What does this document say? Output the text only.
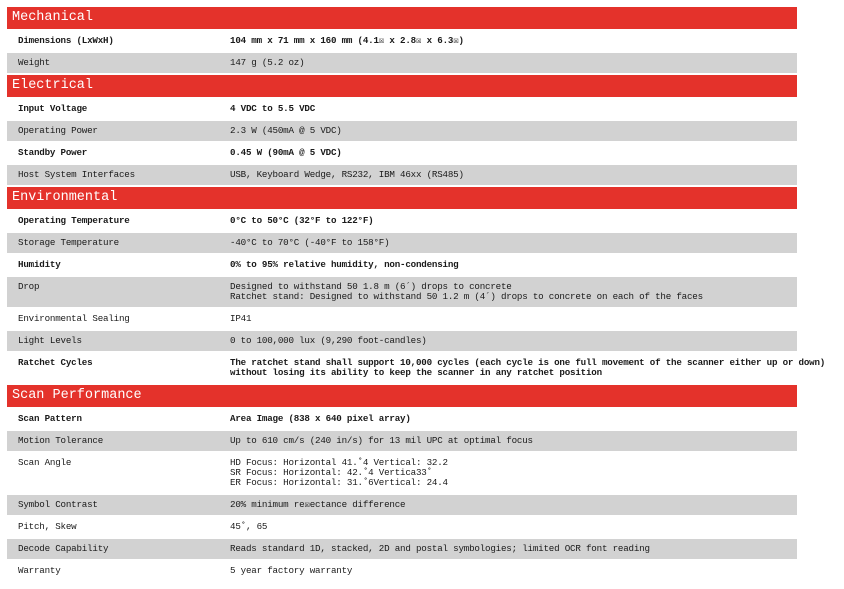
Mechanical
Dimensions (LxWxH)	104 mm x 71 mm x 160 mm (4.1☒ x 2.8☒ x 6.3☒)
Weight	147 g (5.2 oz)
Electrical
Input Voltage	4 VDC to 5.5 VDC
Operating Power	2.3 W (450mA @ 5 VDC)
Standby Power	0.45 W (90mA @ 5 VDC)
Host System Interfaces	USB, Keyboard Wedge, RS232, IBM 46xx (RS485)
Environmental
Operating Temperature	0°C to 50°C (32°F to 122°F)
Storage Temperature	-40°C to 70°C (-40°F to 158°F)
Humidity	0% to 95% relative humidity, non-condensing
Drop	Designed to withstand 50 1.8 m (6´) drops to concrete
Ratchet stand: Designed to withstand 50 1.2 m (4´) drops to concrete on each of the faces
Environmental Sealing	IP41
Light Levels	0 to 100,000 lux (9,290 foot-candles)
Ratchet Cycles	The ratchet stand shall support 10,000 cycles (each cycle is one full movement of the scanner either up or down)
without losing its ability to keep the scanner in any ratchet position
Scan Performance
Scan Pattern	Area Image (838 x 640 pixel array)
Motion Tolerance	Up to 610 cm/s (240 in/s) for 13 mil UPC at optimal focus
Scan Angle	HD Focus: Horizontal 41.˚4 Vertical: 32.2
SR Focus: Horizontal: 42.˚4 Vertica33˚
ER Focus: Horizontal: 31.˚6Vertical: 24.4
Symbol Contrast	20% minimum re☒ectance difference
Pitch, Skew	45˚, 65
Decode Capability	Reads standard 1D, stacked, 2D and postal symbologies; limited OCR font reading
Warranty	5 year factory warranty
